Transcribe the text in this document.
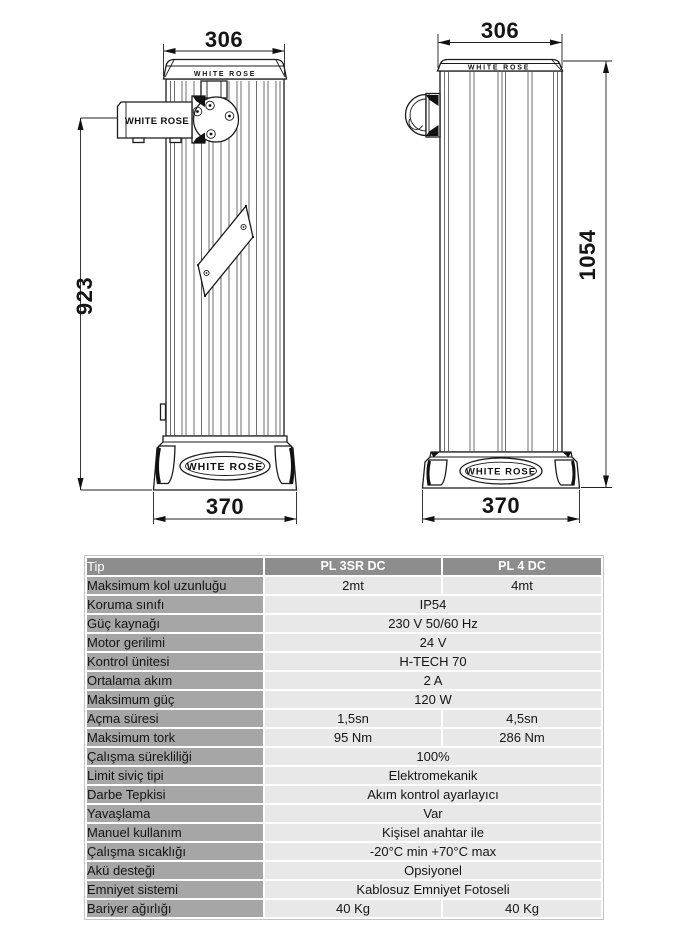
WHITE ROSE
WHITE ROSE
WHITE ROSE
306
923
370
WHITE ROSE
WHITE ROSE
306
1054
370
Tip	PL 3SR DC	PL 4 DC
Maksimum kol uzunluğu	2mt	4mt
Koruma sınıfı	IP54	
Güç kaynağı	230 V 50/60 Hz	
Motor gerilimi	24 V	
Kontrol ünitesi	H-TECH 70	
Ortalama akım	2 A	
Maksimum güç	120 W	
Açma süresi	1,5sn	4,5sn
Maksimum tork	95 Nm	286 Nm
Çalışma sürekliliği	100%	
Limit siviç tipi	Elektromekanik	
Darbe Tepkisi	Akım kontrol ayarlayıcı	
Yavaşlama	Var	
Manuel kullanım	Kişisel anahtar ile	
Çalışma sıcaklığı	-20°C min +70°C max	
Akü desteği	Opsiyonel	
Emniyet sistemi	Kablosuz Emniyet Fotoseli	
Bariyer ağırlığı	40 Kg	40 Kg
